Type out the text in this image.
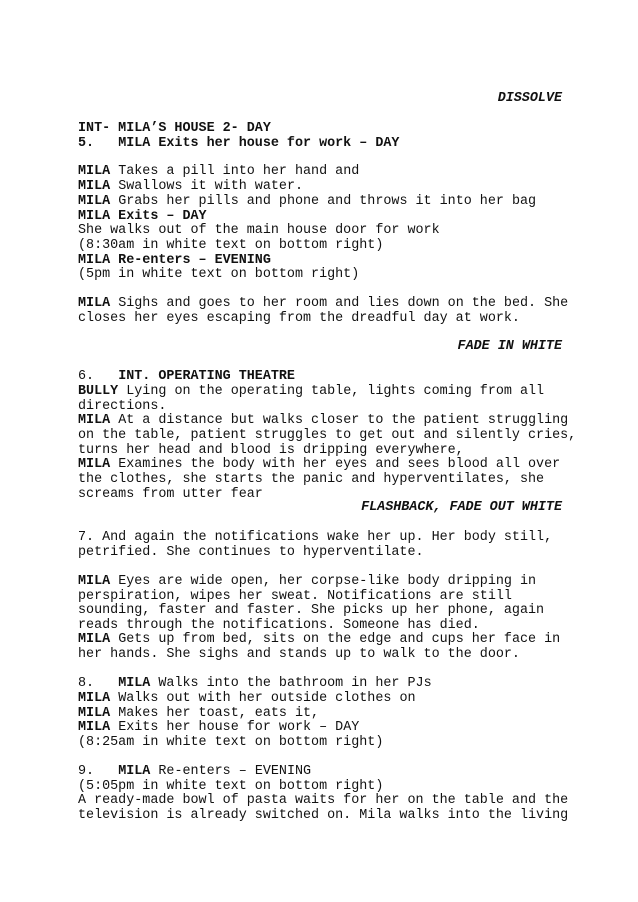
DISSOLVE
INT- MILA’S HOUSE 2- DAY
5. MILA Exits her house for work – DAY
MILA Takes a pill into her hand and
MILA Swallows it with water.
MILA Grabs her pills and phone and throws it into her bag
MILA Exits – DAY
She walks out of the main house door for work
(8:30am in white text on bottom right)
MILA Re-enters – EVENING
(5pm in white text on bottom right)
MILA Sighs and goes to her room and lies down on the bed. She
closes her eyes escaping from the dreadful day at work.
FADE IN WHITE
6. INT. OPERATING THEATRE
BULLY Lying on the operating table, lights coming from all
directions.
MILA At a distance but walks closer to the patient struggling
on the table, patient struggles to get out and silently cries,
turns her head and blood is dripping everywhere,
MILA Examines the body with her eyes and sees blood all over
the clothes, she starts the panic and hyperventilates, she
screams from utter fear
FLASHBACK, FADE OUT WHITE
7. And again the notifications wake her up. Her body still,
petrified. She continues to hyperventilate.
MILA Eyes are wide open, her corpse-like body dripping in
perspiration, wipes her sweat. Notifications are still
sounding, faster and faster. She picks up her phone, again
reads through the notifications. Someone has died.
MILA Gets up from bed, sits on the edge and cups her face in
her hands. She sighs and stands up to walk to the door.
8. MILA Walks into the bathroom in her PJs
MILA Walks out with her outside clothes on
MILA Makes her toast, eats it,
MILA Exits her house for work – DAY
(8:25am in white text on bottom right)
9. MILA Re-enters – EVENING
(5:05pm in white text on bottom right)
A ready-made bowl of pasta waits for her on the table and the
television is already switched on. Mila walks into the living
